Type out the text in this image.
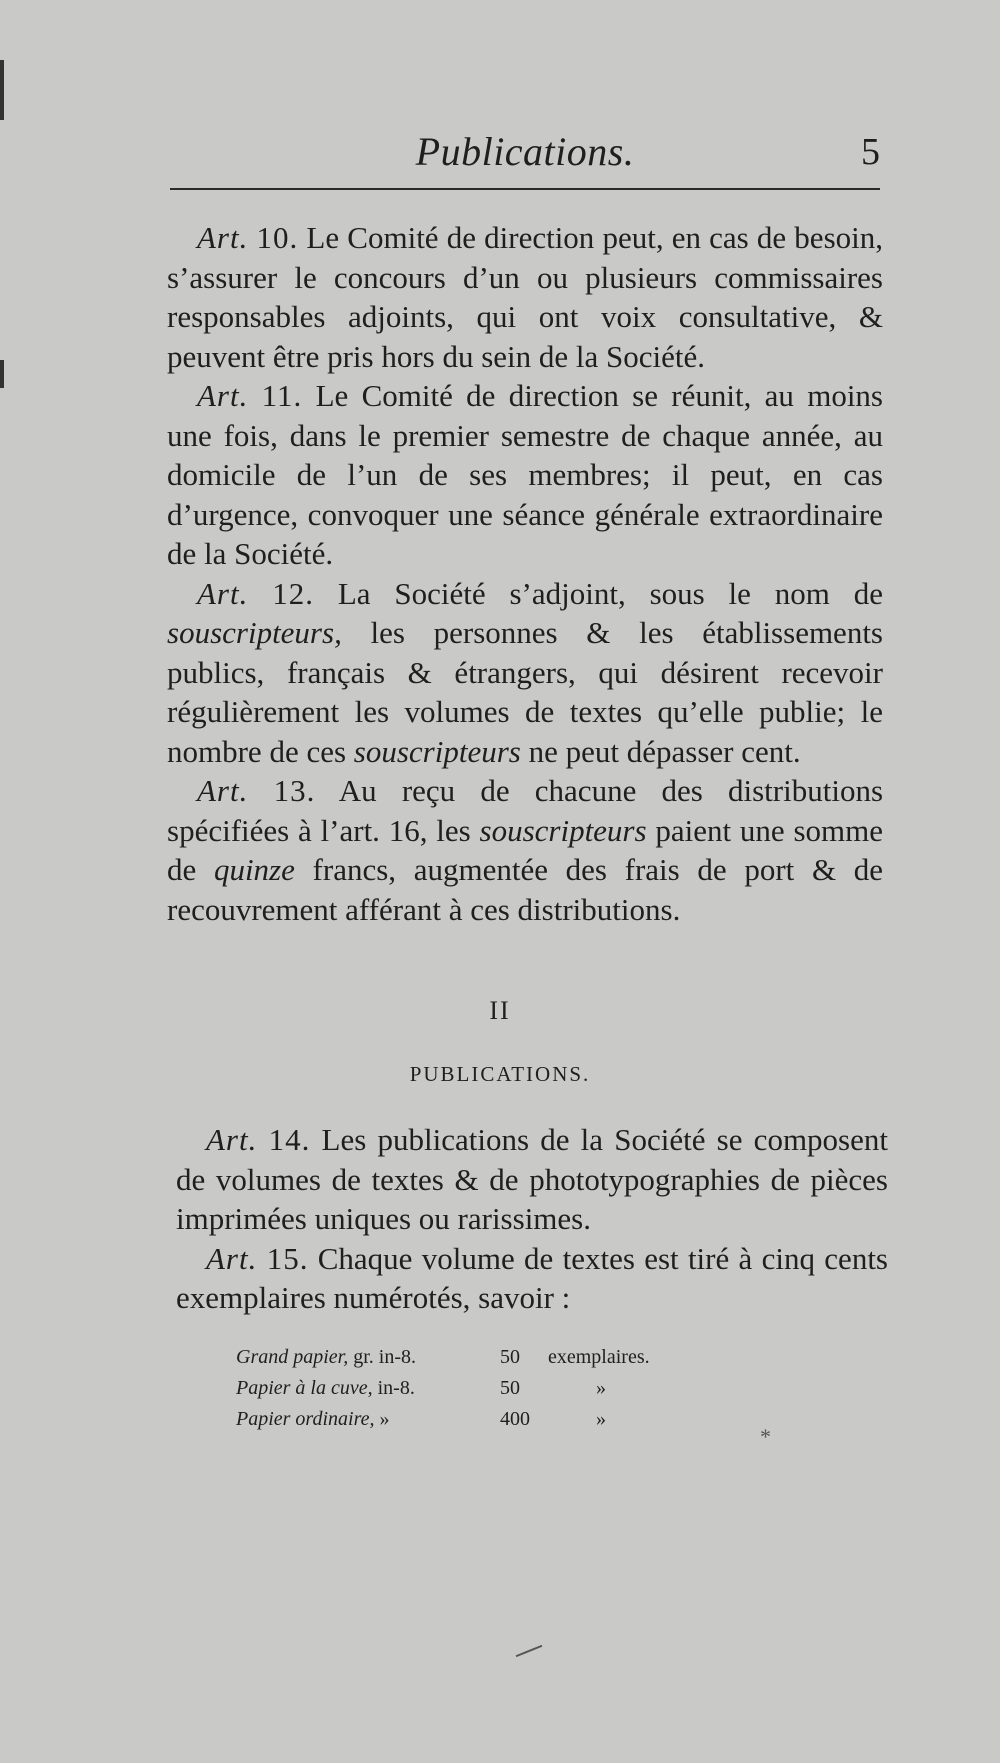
Publications.	5

Art. 10. Le Comité de direction peut, en cas de besoin, s’assurer le concours d’un ou plusieurs commissaires responsables adjoints, qui ont voix consultative, & peuvent être pris hors du sein de la Société.

Art. 11. Le Comité de direction se réunit, au moins une fois, dans le premier semestre de chaque année, au domicile de l’un de ses membres; il peut, en cas d’urgence, convoquer une séance générale extraordinaire de la Société.

Art. 12. La Société s’adjoint, sous le nom de souscripteurs, les personnes & les établissements publics, français & étrangers, qui désirent recevoir régulièrement les volumes de textes qu’elle publie; le nombre de ces souscripteurs ne peut dépasser cent.

Art. 13. Au reçu de chacune des distributions spécifiées à l’art. 16, les souscripteurs paient une somme de quinze francs, augmentée des frais de port & de recouvrement afférant à ces distributions.

II
PUBLICATIONS.

Art. 14. Les publications de la Société se composent de volumes de textes & de phototypographies de pièces imprimées uniques ou rarissimes.

Art. 15. Chaque volume de textes est tiré à cinq cents exemplaires numérotés, savoir :

Grand papier, gr. in-8.	50 exemplaires.
Papier à la cuve, in-8.	50	»
Papier ordinaire, »	400	»
*
